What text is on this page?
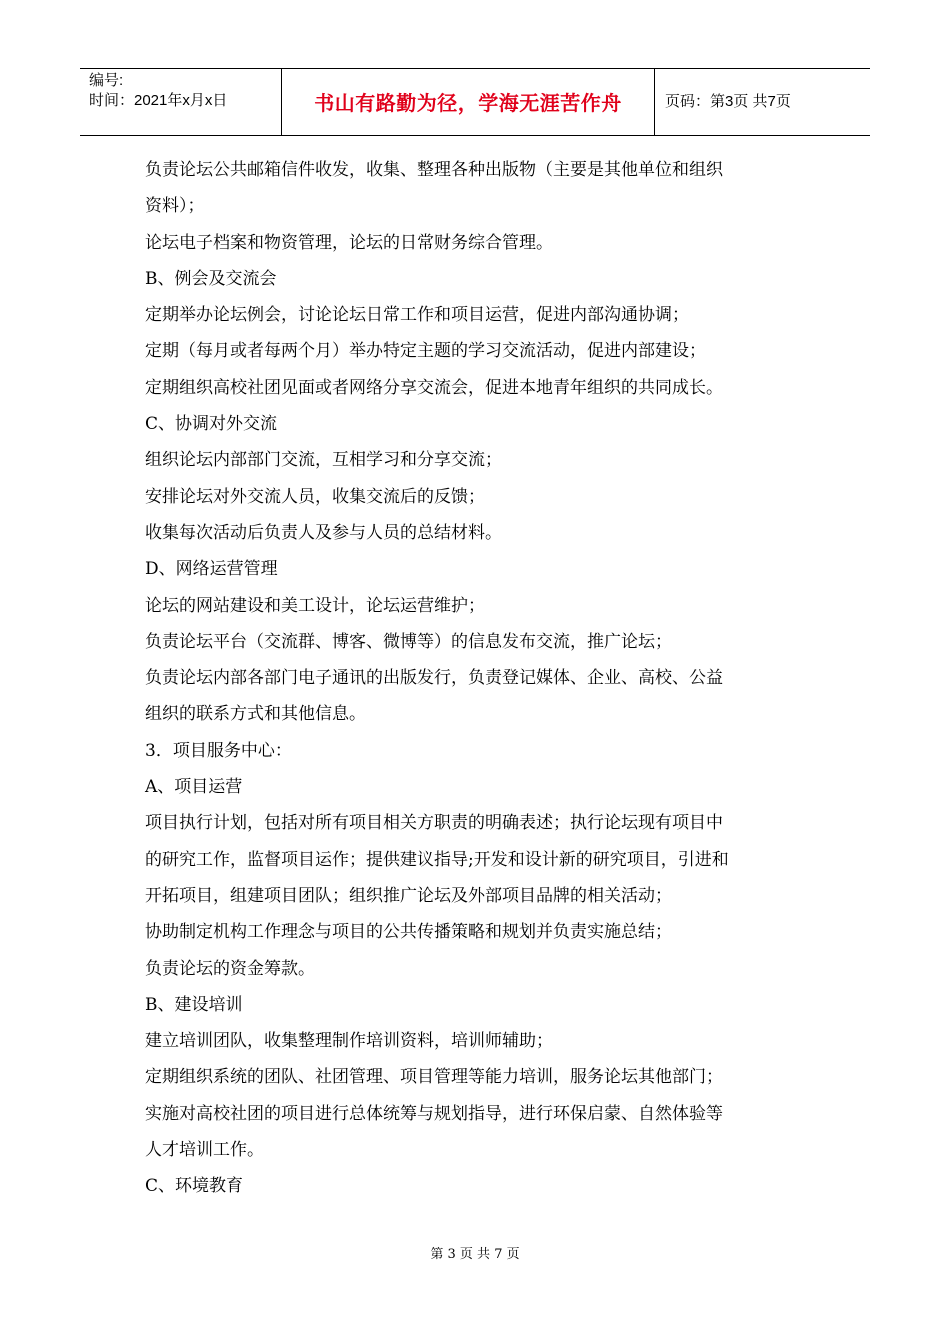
编号:
时间：2021年x月x日	书山有路勤为径，学海无涯苦作舟	页码：第3页 共7页
负责论坛公共邮箱信件收发，收集、整理各种出版物（主要是其他单位和组织
资料）；
论坛电子档案和物资管理，论坛的日常财务综合管理。
B、例会及交流会
定期举办论坛例会，讨论论坛日常工作和项目运营，促进内部沟通协调；
定期（每月或者每两个月）举办特定主题的学习交流活动，促进内部建设；
定期组织高校社团见面或者网络分享交流会，促进本地青年组织的共同成长。
C、协调对外交流
组织论坛内部部门交流，互相学习和分享交流；
安排论坛对外交流人员，收集交流后的反馈；
收集每次活动后负责人及参与人员的总结材料。
D、网络运营管理
论坛的网站建设和美工设计，论坛运营维护；
负责论坛平台（交流群、博客、微博等）的信息发布交流，推广论坛；
负责论坛内部各部门电子通讯的出版发行，负责登记媒体、企业、高校、公益
组织的联系方式和其他信息。
3．项目服务中心：
A、项目运营
项目执行计划，包括对所有项目相关方职责的明确表述；执行论坛现有项目中
的研究工作，监督项目运作；提供建议指导;开发和设计新的研究项目，引进和
开拓项目，组建项目团队；组织推广论坛及外部项目品牌的相关活动；
协助制定机构工作理念与项目的公共传播策略和规划并负责实施总结；
负责论坛的资金筹款。
B、建设培训
建立培训团队，收集整理制作培训资料，培训师辅助；
定期组织系统的团队、社团管理、项目管理等能力培训，服务论坛其他部门；
实施对高校社团的项目进行总体统筹与规划指导，进行环保启蒙、自然体验等
人才培训工作。
C、环境教育
第 3 页 共 7 页
